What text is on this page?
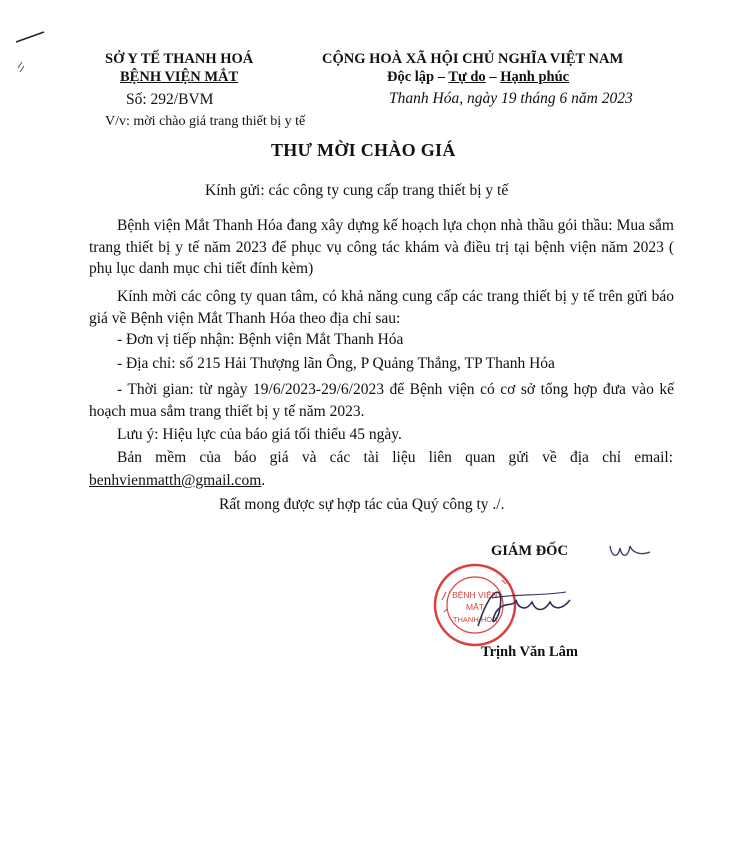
SỞ Y TẾ THANH HOÁ
BỆNH VIỆN MẮT
Số: 292/BVM
V/v: mời chào giá trang thiết bị y tế
CỘNG HOÀ XÃ HỘI CHỦ NGHĨA VIỆT NAM
Độc lập – Tự do – Hạnh phúc
Thanh Hóa, ngày 19 tháng 6 năm 2023
THƯ MỜI CHÀO GIÁ
Kính gửi: các công ty cung cấp trang thiết bị y tế

Bệnh viện Mắt Thanh Hóa đang xây dựng kế hoạch lựa chọn nhà thầu gói thầu: Mua sắm trang thiết bị y tế năm 2023 để phục vụ công tác khám và điều trị tại bệnh viện năm 2023 ( phụ lục danh mục chi tiết đính kèm)

Kính mời các công ty quan tâm, có khả năng cung cấp các trang thiết bị y tế trên gửi báo giá về Bệnh viện Mắt Thanh Hóa theo địa chỉ sau:

- Đơn vị tiếp nhận: Bệnh viện Mắt Thanh Hóa
- Địa chỉ: số 215 Hải Thượng lãn Ông, P Quảng Thắng, TP Thanh Hóa

- Thời gian: từ ngày 19/6/2023-29/6/2023 để Bệnh viện có cơ sở tổng hợp đưa vào kế hoạch mua sắm trang thiết bị y tế năm 2023.

Lưu ý: Hiệu lực của báo giá tối thiểu 45 ngày.
Bản mềm của báo giá và các tài liệu liên quan gửi về địa chỉ email:
benhvienmatth@gmail.com.
Rất mong được sự hợp tác của Quý công ty ./.
GIÁM ĐỐC
BỆNH VIỆN
MẮT
THANH HÓA
Trịnh Văn Lâm
